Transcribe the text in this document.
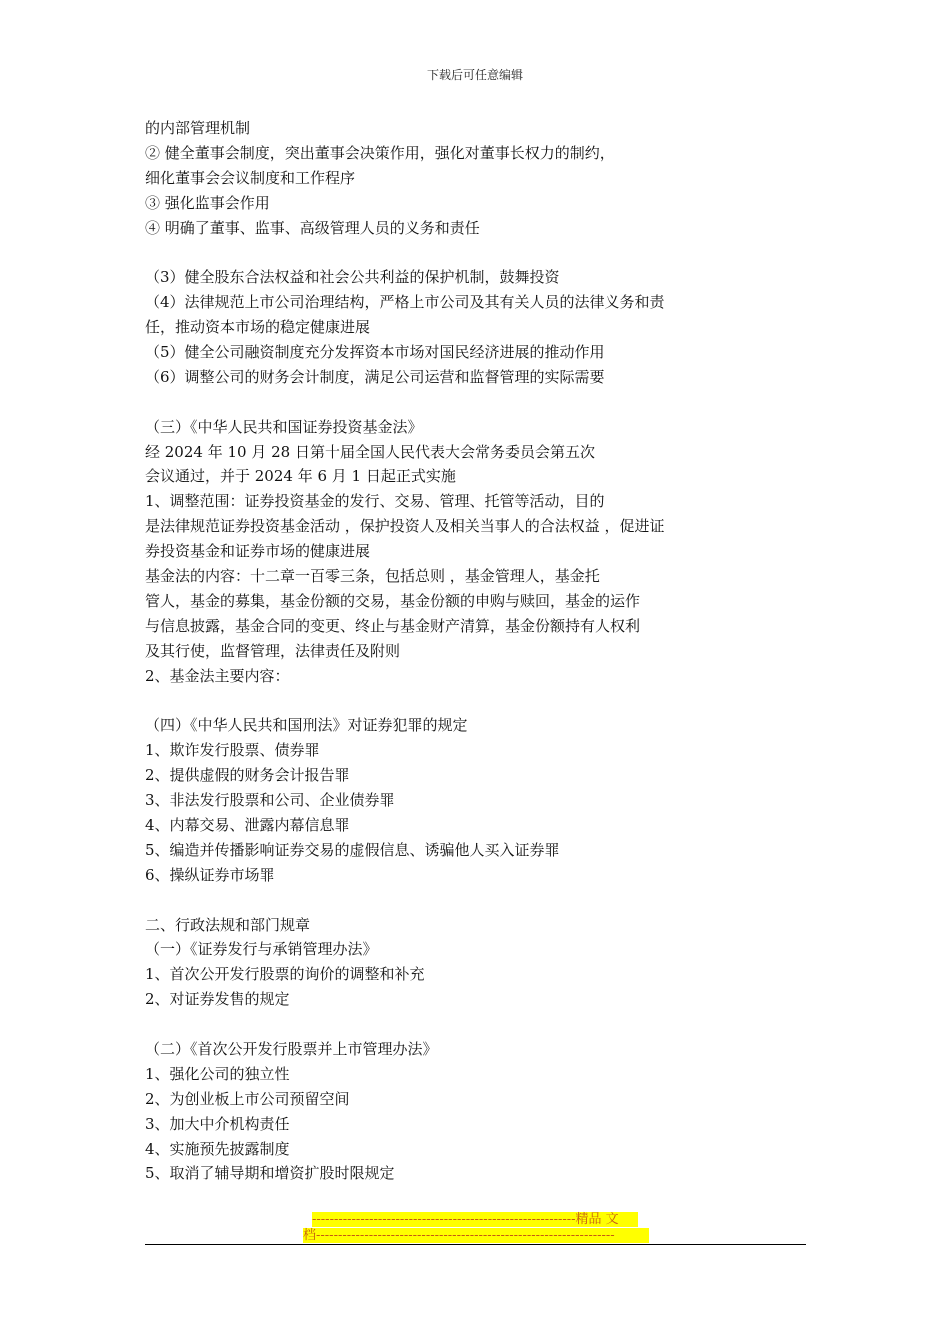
下载后可任意编辑
的内部管理机制
② 健全董事会制度，突出董事会决策作用，强化对董事长权力的制约，
细化董事会会议制度和工作程序
③ 强化监事会作用
④ 明确了董事、监事、高级管理人员的义务和责任
（3）健全股东合法权益和社会公共利益的保护机制，鼓舞投资
（4）法律规范上市公司治理结构，严格上市公司及其有关人员的法律义务和责
任，推动资本市场的稳定健康进展
（5）健全公司融资制度充分发挥资本市场对国民经济进展的推动作用
（6）调整公司的财务会计制度，满足公司运营和监督管理的实际需要
（三）《中华人民共和国证券投资基金法》
经 2024 年 10 月 28 日第十届全国人民代表大会常务委员会第五次
会议通过，并于 2024 年 6 月 1 日起正式实施
1、调整范围：证券投资基金的发行、交易、管理、托管等活动，目的
是法律规范证券投资基金活动 ，保护投资人及相关当事人的合法权益 ，促进证
券投资基金和证券市场的健康进展
基金法的内容：十二章一百零三条，包括总则 ，基金管理人，基金托
管人，基金的募集，基金份额的交易，基金份额的申购与赎回，基金的运作
与信息披露，基金合同的变更、终止与基金财产清算，基金份额持有人权利
及其行使，监督管理，法律责任及附则
2、基金法主要内容：
（四）《中华人民共和国刑法》对证券犯罪的规定
1、欺诈发行股票、债券罪
2、提供虚假的财务会计报告罪
3、非法发行股票和公司、企业债券罪
4、内幕交易、泄露内幕信息罪
5、编造并传播影响证券交易的虚假信息、诱骗他人买入证券罪
6、操纵证券市场罪
二、行政法规和部门规章
（一）《证券发行与承销管理办法》
1、首次公开发行股票的询价的调整和补充
2、对证券发售的规定
（二）《首次公开发行股票并上市管理办法》
1、强化公司的独立性
2、为创业板上市公司预留空间
3、加大中介机构责任
4、实施预先披露制度
5、取消了辅导期和增资扩股时限规定
------------------------------------------------------------精品 文
档--------------------------------------------------------------------
